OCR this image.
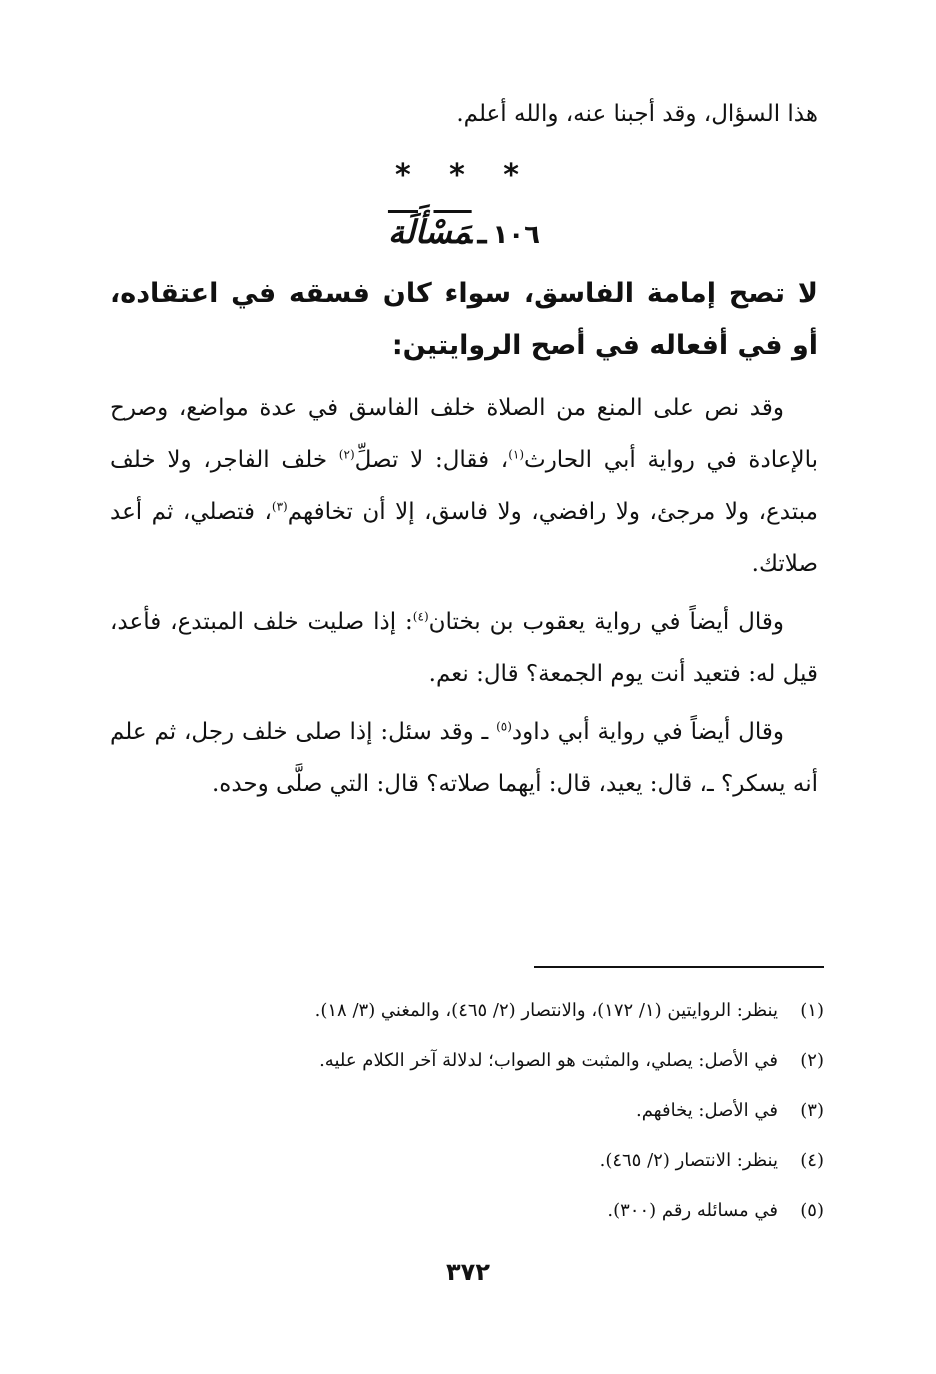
هذا السؤال، وقد أجبنا عنه، والله أعلم.

* * *
١٠٦ـمَسْأَلَة

لا تصح إمامة الفاسق، سواء كان فسقه في اعتقاده، أو في أفعاله في أصح الروايتين:

وقد نص على المنع من الصلاة خلف الفاسق في عدة مواضع، وصرح بالإعادة في رواية أبي الحارث$^{(١)}$، فقال: لا تصلِّ$^{(٢)}$ خلف الفاجر، ولا خلف مبتدع، ولا مرجئ، ولا رافضي، ولا فاسق، إلا أن تخافهم$^{(٣)}$، فتصلي، ثم أعد صلاتك.

وقال أيضاً في رواية يعقوب بن بختان$^{(٤)}$: إذا صليت خلف المبتدع، فأعد، قيل له: فتعيد أنت يوم الجمعة؟ قال: نعم.

وقال أيضاً في رواية أبي داود$^{(٥)}$ ـ وقد سئل: إذا صلى خلف رجل، ثم علم أنه يسكر؟ ـ، قال: يعيد، قال: أيهما صلاته؟ قال: التي صلَّى وحده.

(١)ينظر: الروايتين (١/ ١٧٢)، والانتصار (٢/ ٤٦٥)، والمغني (٣/ ١٨).
(٢)في الأصل: يصلي، والمثبت هو الصواب؛ لدلالة آخر الكلام عليه.
(٣)في الأصل: يخافهم.
(٤)ينظر: الانتصار (٢/ ٤٦٥).
(٥)في مسائله رقم (٣٠٠).
٣٧٢
